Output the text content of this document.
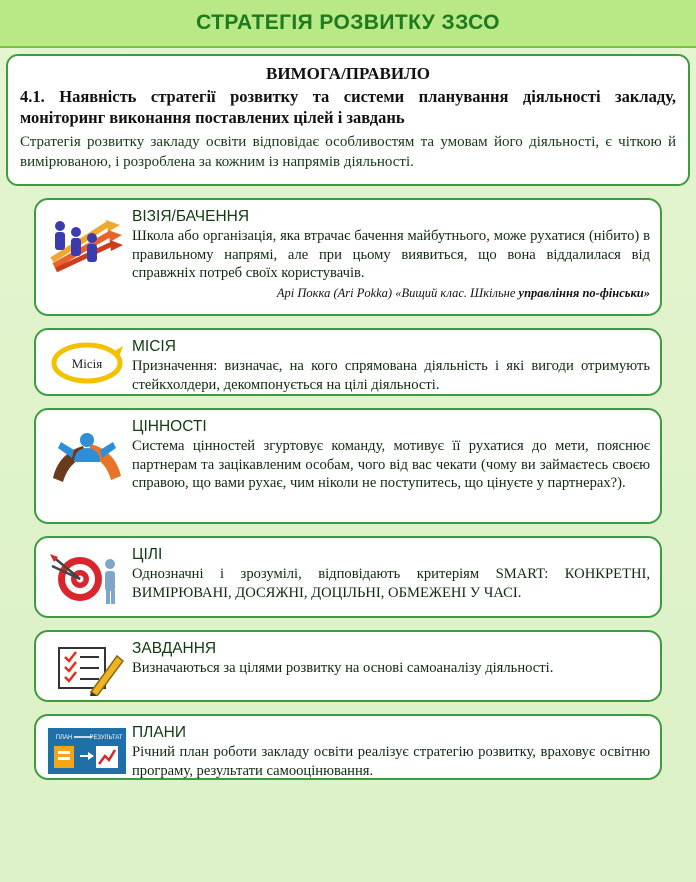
СТРАТЕГІЯ РОЗВИТКУ ЗЗСО
ВИМОГА/ПРАВИЛО
4.1. Наявність стратегії розвитку та системи планування діяльності закладу, моніторинг виконання поставлених цілей і завдань
Стратегія розвитку закладу освіти відповідає особливостям та умовам його діяльності, є чіткою й вимірюваною, і розроблена за кожним із напрямів діяльності.
ВІЗІЯ/БАЧЕННЯ
Школа або організація, яка втрачає бачення майбутнього, може рухатися (нібито) в правильному напрямі, але при цьому виявиться, що вона віддалилася від справжніх потреб своїх користувачів.
Арі Покка (Ari Pokka) «Вищий клас. Шкільне управління по-фінськи»
Місія
МІСІЯ
Призначення: визначає, на кого спрямована діяльність і які вигоди отримують стейкхолдери, декомпонується на цілі діяльності.
ЦІННОСТІ
Система цінностей згуртовує команду, мотивує її рухатися до мети, пояснює партнерам та зацікавленим особам, чого від вас чекати (чому ви займаєтесь своєю справою, що вами рухає, чим ніколи не поступитесь, що цінуєте у партнерах?).
ЦІЛІ
Однозначні і зрозумілі, відповідають критеріям SMART: КОНКРЕТНІ, ВИМІРЮВАНІ, ДОСЯЖНІ, ДОЦІЛЬНІ, ОБМЕЖЕНІ У ЧАСІ.
ЗАВДАННЯ
Визначаються за цілями розвитку на основі самоаналізу діяльності.
ПЛАН	РЕЗУЛЬТАТ ПЛАНИ
Річний план роботи закладу освіти реалізує стратегію розвитку, враховує освітню програму, результати самооцінювання.
